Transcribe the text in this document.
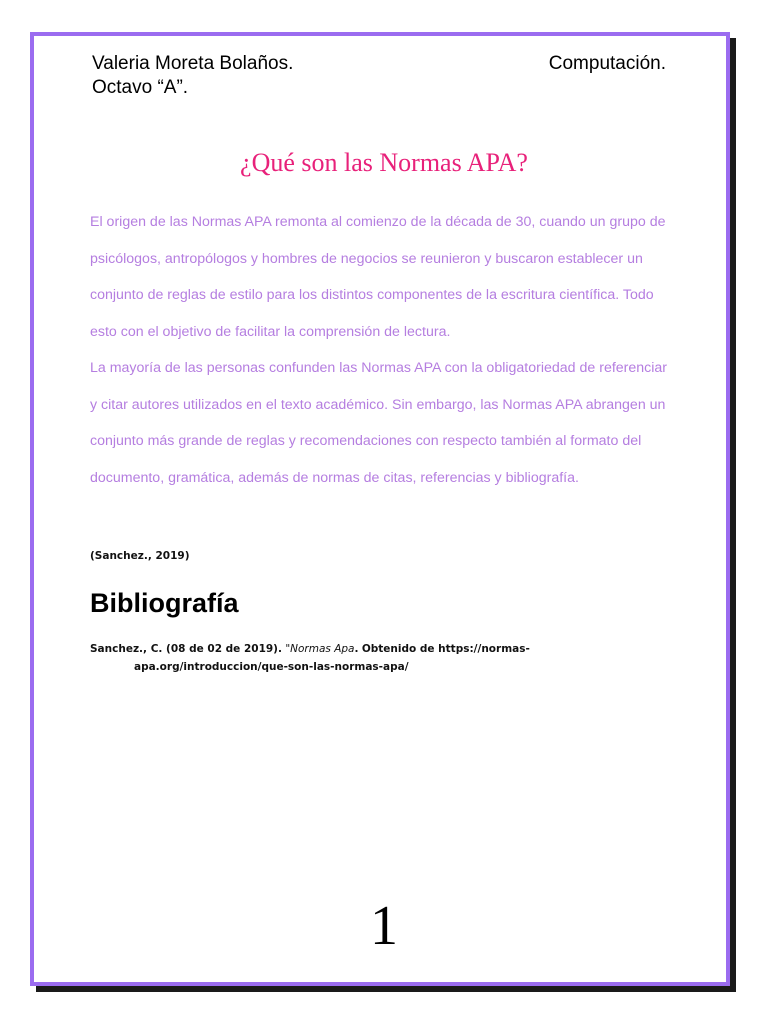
Valeria Moreta Bolaños.
Octavo “A”.
Computación.
¿Qué son las Normas APA?

El origen de las Normas APA remonta al comienzo de la década de 30, cuando un grupo de psicólogos, antropólogos y hombres de negocios se reunieron y buscaron establecer un conjunto de reglas de estilo para los distintos componentes de la escritura científica. Todo esto con el objetivo de facilitar la comprensión de lectura.

La mayoría de las personas confunden las Normas APA con la obligatoriedad de referenciar y citar autores utilizados en el texto académico. Sin embargo, las Normas APA abrangen un conjunto más grande de reglas y recomendaciones con respecto también al formato del documento, gramática, además de normas de citas, referencias y bibliografía.

(Sanchez., 2019)
Bibliografía
Sanchez., C. (08 de 02 de 2019). "Normas Apa. Obtenido de https://normas-apa.org/introduccion/que-son-las-normas-apa/
1
